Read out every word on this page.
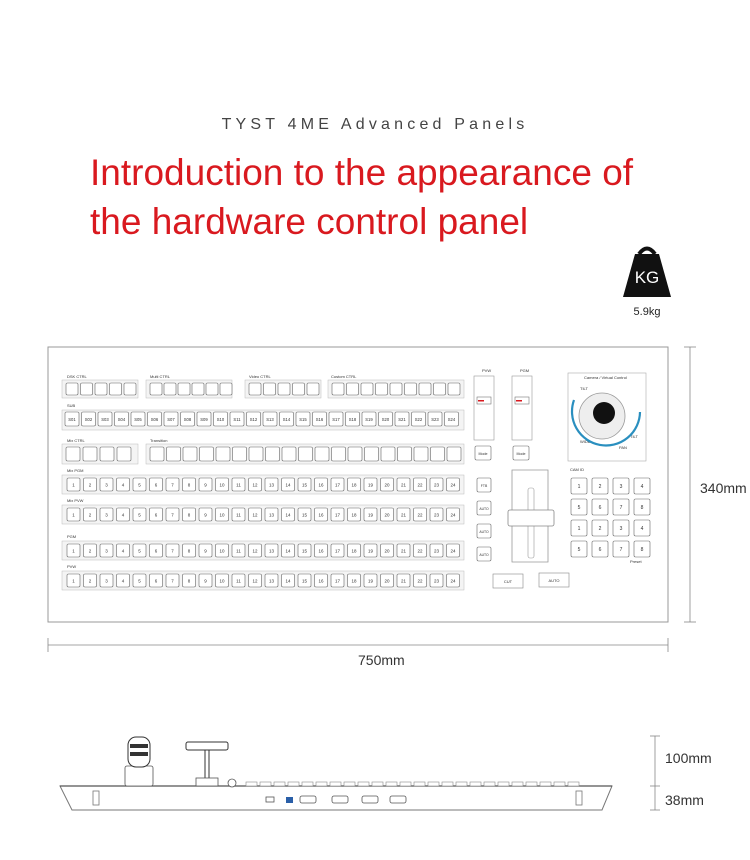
TYST 4ME Advanced Panels
Introduction to the appearance of
the hardware control panel
KG
5.9kg
S01 S02 S03 S04 S05 S06 S07 S08 S09 S10 S11 S12 S13 S14 S15 S16 S17 S18 S19 S20 S21 S22 S23 S24
1	2	3	4	5	6	7	8	9	10	11	12	13	14	15	16	17	18	19	20	21	22	23	24
1	2	3	4	5	6	7	8	9	10	11	12	13	14	15	16	17	18	19	20	21	22	23	24
1	2	3	4	5	6	7	8	9	10	11	12	13	14	15	16	17	18	19	20	21	22	23	24
1	2	3	4	5	6	7	8	9	10	11	12	13	14	15	16	17	18	19	20	21	22	23	24
Mode	Mode
FTB
AUTO
AUTO
AUTO
1	2	3	4
5	6	7	8
1	2	3	4
5	6	7	8
DSK CTRL	Multi CTRL	Video CTRL	Custom CTRL
SUB
Mix CTRL	Transition
Mix PGM
Mix PVW
PGM
PVW
PVW	PGM
Camera / Virtual Control
CAM ID
Preset
TILT
WIDE
TILT
PAN
CUT	AUTO
340mm
750mm
100mm
38mm
